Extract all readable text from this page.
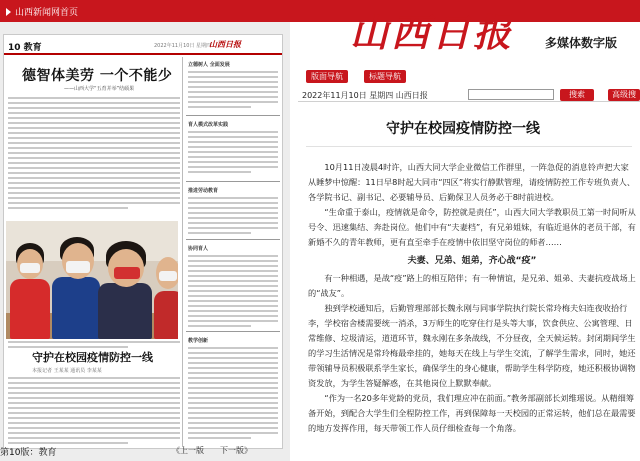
山西新闻网首页
10 教育	2022年11月10日 星期四
山西日报
德智体美劳 一个不能少
——山西大学“五育并举”结硕果
立德树人 全面发展
育人模式改革实践
推进劳动教育
协同育人
教学创新
守护在校园疫情防控一线
本报记者 王某某 通讯员 李某某
第10版：教育	《上一版 下一版》
山西日报	多媒体数字版
版面导航	标题导航
2022年11月10日 星期四 山西日报	搜索	高级搜
守护在校园疫情防控一线

10月11日凌晨4时许，山西大同大学企业微信工作群里，一阵急促的消息铃声把大家从睡梦中惊醒：11日早8时起大同市“四区”将实行静默管理，请疫情防控工作专班负责人、各学院书记、副书记、必要辅导员、后勤保卫人员务必于8时前进校。

“生命重于泰山，疫情就是命令，防控就是责任”，山西大同大学教职员工第一时间听从号令、迅速集结、奔赴岗位。他们中有“夫妻档”，有兄弟姐妹，有临近退休的老员干部，有新婚不久的青年教师，更有直至牵手在疫情中依旧坚守岗位的师者……

夫妻、兄弟、姐弟，齐心战“疫”

有一种相遇，是战“疫”路上的相互陪伴；有一种情谊，是兄弟、姐弟、夫妻抗疫战场上的“战友”。

独到学校通知后，后勤管理部部长魏永刚与同事学院执行院长常玲梅夫妇连夜收拾行李，学校宿舍楼需要统一消杀，3万师生的吃穿住行是头等大事，饮食供应、公寓管理、日常维修、垃圾清运，道道环节，魏永刚在多条战线，不分昼夜，全天候运转。封闭期间学生的学习生活情况是常玲梅最牵挂的，她每天在线上与学生交流，了解学生需求，同时，她还带领辅导员积极联系学生家长，确保学生的身心健康，帮助学生科学防疫，她还积极协调物资发放，为学生答疑解惑，在其他岗位上默默奉献。

“作为一名20多年党龄的党员，我们理应冲在前面。”教务部副部长刘维瑶说。从精细筹备开始，到配合大学生们全程防控工作，再到保障每一天校园的正常运转，他们总在最需要的地方发挥作用，每天带领工作人员仔细检查每一个角落。
